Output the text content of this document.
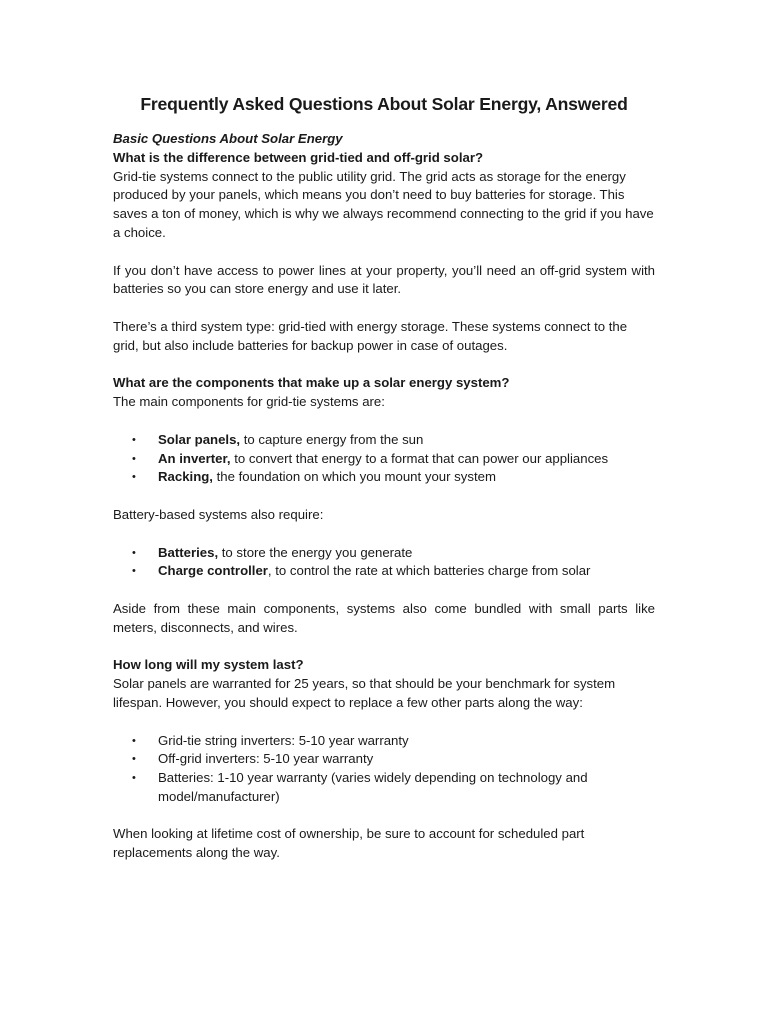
Frequently Asked Questions About Solar Energy, Answered

Basic Questions About Solar Energy

What is the difference between grid-tied and off-grid solar?

Grid-tie systems connect to the public utility grid. The grid acts as storage for the energy produced by your panels, which means you don’t need to buy batteries for storage. This saves a ton of money, which is why we always recommend connecting to the grid if you have a choice.

If you don’t have access to power lines at your property, you’ll need an off-grid system with batteries so you can store energy and use it later.

There’s a third system type: grid-tied with energy storage. These systems connect to the grid, but also include batteries for backup power in case of outages.

What are the components that make up a solar energy system?

The main components for grid-tie systems are:

• Solar panels, to capture energy from the sun
• An inverter, to convert that energy to a format that can power our appliances
• Racking, the foundation on which you mount your system

Battery-based systems also require:

• Batteries, to store the energy you generate
• Charge controller, to control the rate at which batteries charge from solar

Aside from these main components, systems also come bundled with small parts like meters, disconnects, and wires.

How long will my system last?

Solar panels are warranted for 25 years, so that should be your benchmark for system lifespan. However, you should expect to replace a few other parts along the way:

• Grid-tie string inverters: 5-10 year warranty
• Off-grid inverters: 5-10 year warranty
• Batteries: 1-10 year warranty (varies widely depending on technology and model/manufacturer)

When looking at lifetime cost of ownership, be sure to account for scheduled part replacements along the way.
